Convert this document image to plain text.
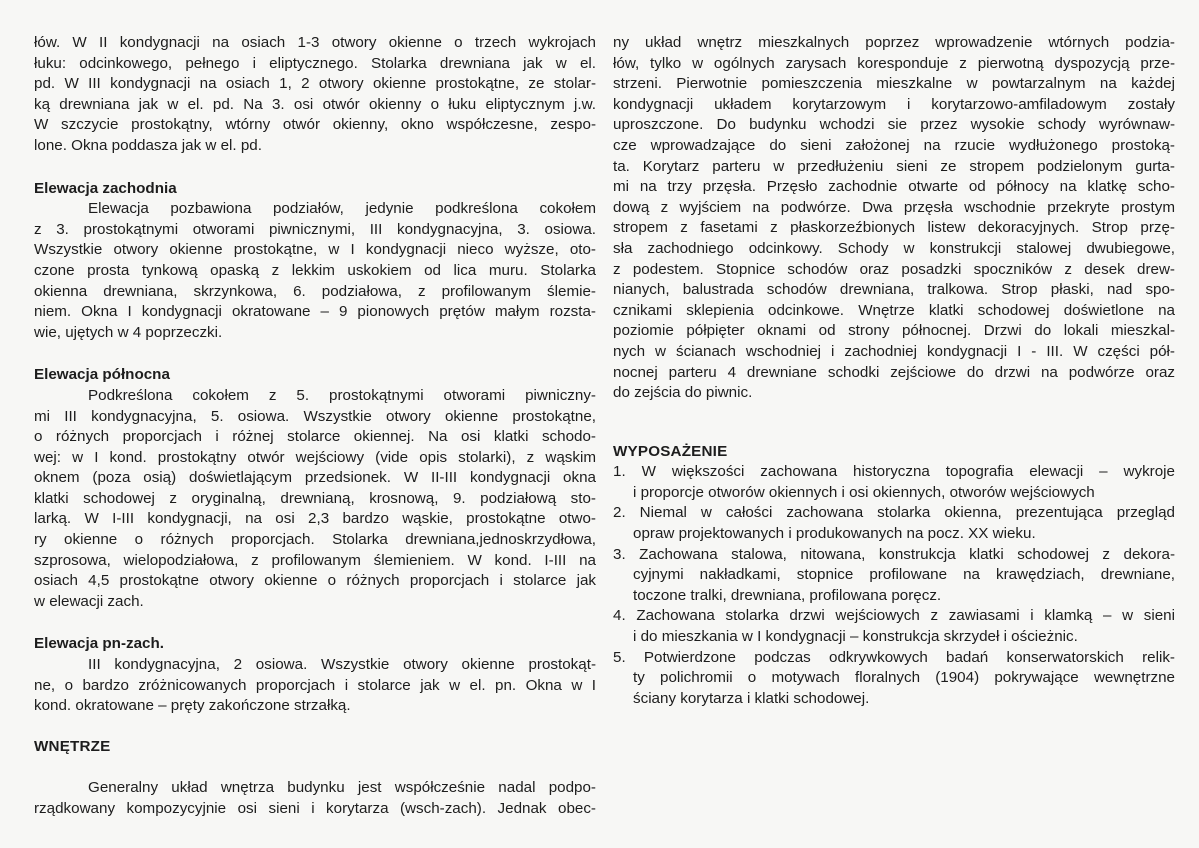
łów. W II kondygnacji na osiach 1-3 otwory okienne o trzech wykrojach
łuku: odcinkowego, pełnego i eliptycznego. Stolarka drewniana jak w el.
pd. W III kondygnacji na osiach 1, 2 otwory okienne prostokątne, ze stolar-
ką drewniana jak w el. pd. Na 3. osi otwór okienny o łuku eliptycznym j.w.
W szczycie prostokątny, wtórny otwór okienny, okno współczesne, zespo-
lone. Okna poddasza jak w el. pd.
Elewacja zachodnia
Elewacja pozbawiona podziałów, jedynie podkreślona cokołem
z 3. prostokątnymi otworami piwnicznymi, III kondygnacyjna, 3. osiowa.
Wszystkie otwory okienne prostokątne, w I kondygnacji nieco wyższe, oto-
czone prosta tynkową opaską z lekkim uskokiem od lica muru. Stolarka
okienna drewniana, skrzynkowa, 6. podziałowa, z profilowanym ślemie-
niem. Okna I kondygnacji okratowane – 9 pionowych prętów małym rozsta-
wie, ujętych w 4 poprzeczki.
Elewacja północna
Podkreślona cokołem z 5. prostokątnymi otworami piwniczny-
mi III kondygnacyjna, 5. osiowa. Wszystkie otwory okienne prostokątne,
o różnych proporcjach i różnej stolarce okiennej. Na osi klatki schodo-
wej: w I kond. prostokątny otwór wejściowy (vide opis stolarki), z wąskim
oknem (poza osią) doświetlającym przedsionek. W II-III kondygnacji okna
klatki schodowej z oryginalną, drewnianą, krosnową, 9. podziałową sto-
larką. W I-III kondygnacji, na osi 2,3 bardzo wąskie, prostokątne otwo-
ry okienne o różnych proporcjach. Stolarka drewniana,jednoskrzydłowa,
szprosowa, wielopodziałowa, z profilowanym ślemieniem. W kond. I-III na
osiach 4,5 prostokątne otwory okienne o różnych proporcjach i stolarce jak
w elewacji zach.
Elewacja pn-zach.
III kondygnacyjna, 2 osiowa. Wszystkie otwory okienne prostokąt-
ne, o bardzo zróżnicowanych proporcjach i stolarce jak w el. pn. Okna w I
kond. okratowane – pręty zakończone strzałką.
WNĘTRZE
Generalny układ wnętrza budynku jest współcześnie nadal podpo-
rządkowany kompozycyjnie osi sieni i korytarza (wsch-zach). Jednak obec-
ny układ wnętrz mieszkalnych poprzez wprowadzenie wtórnych podzia-
łów, tylko w ogólnych zarysach koresponduje z pierwotną dyspozycją prze-
strzeni. Pierwotnie pomieszczenia mieszkalne w powtarzalnym na każdej
kondygnacji układem korytarzowym i korytarzowo-amfiladowym zostały
uproszczone. Do budynku wchodzi sie przez wysokie schody wyrównaw-
cze wprowadzające do sieni założonej na rzucie wydłużonego prostoką-
ta. Korytarz parteru w przedłużeniu sieni ze stropem podzielonym gurta-
mi na trzy przęsła. Przęsło zachodnie otwarte od północy na klatkę scho-
dową z wyjściem na podwórze. Dwa przęsła wschodnie przekryte prostym
stropem z fasetami z płaskorzeźbionych listew dekoracyjnych. Strop przę-
sła zachodniego odcinkowy. Schody w konstrukcji stalowej dwubiegowe,
z podestem. Stopnice schodów oraz posadzki spoczników z desek drew-
nianych, balustrada schodów drewniana, tralkowa. Strop płaski, nad spo-
cznikami sklepienia odcinkowe. Wnętrze klatki schodowej doświetlone na
poziomie półpięter oknami od strony północnej. Drzwi do lokali mieszkal-
nych w ścianach wschodniej i zachodniej kondygnacji I - III. W części pół-
nocnej parteru 4 drewniane schodki zejściowe do drzwi na podwórze oraz
do zejścia do piwnic.
WYPOSAŻENIE
1. W większości zachowana historyczna topografia elewacji – wykroje
i proporcje otworów okiennych i osi okiennych, otworów wejściowych
2. Niemal w całości zachowana stolarka okienna, prezentująca przegląd
opraw projektowanych i produkowanych na pocz. XX wieku.
3. Zachowana stalowa, nitowana, konstrukcja klatki schodowej z dekora-
cyjnymi nakładkami, stopnice profilowane na krawędziach, drewniane,
toczone tralki, drewniana, profilowana poręcz.
4. Zachowana stolarka drzwi wejściowych z zawiasami i klamką – w sieni
i do mieszkania w I kondygnacji – konstrukcja skrzydeł i ościeżnic.
5. Potwierdzone podczas odkrywkowych badań konserwatorskich relik-
ty polichromii o motywach floralnych (1904) pokrywające wewnętrzne
ściany korytarza i klatki schodowej.
